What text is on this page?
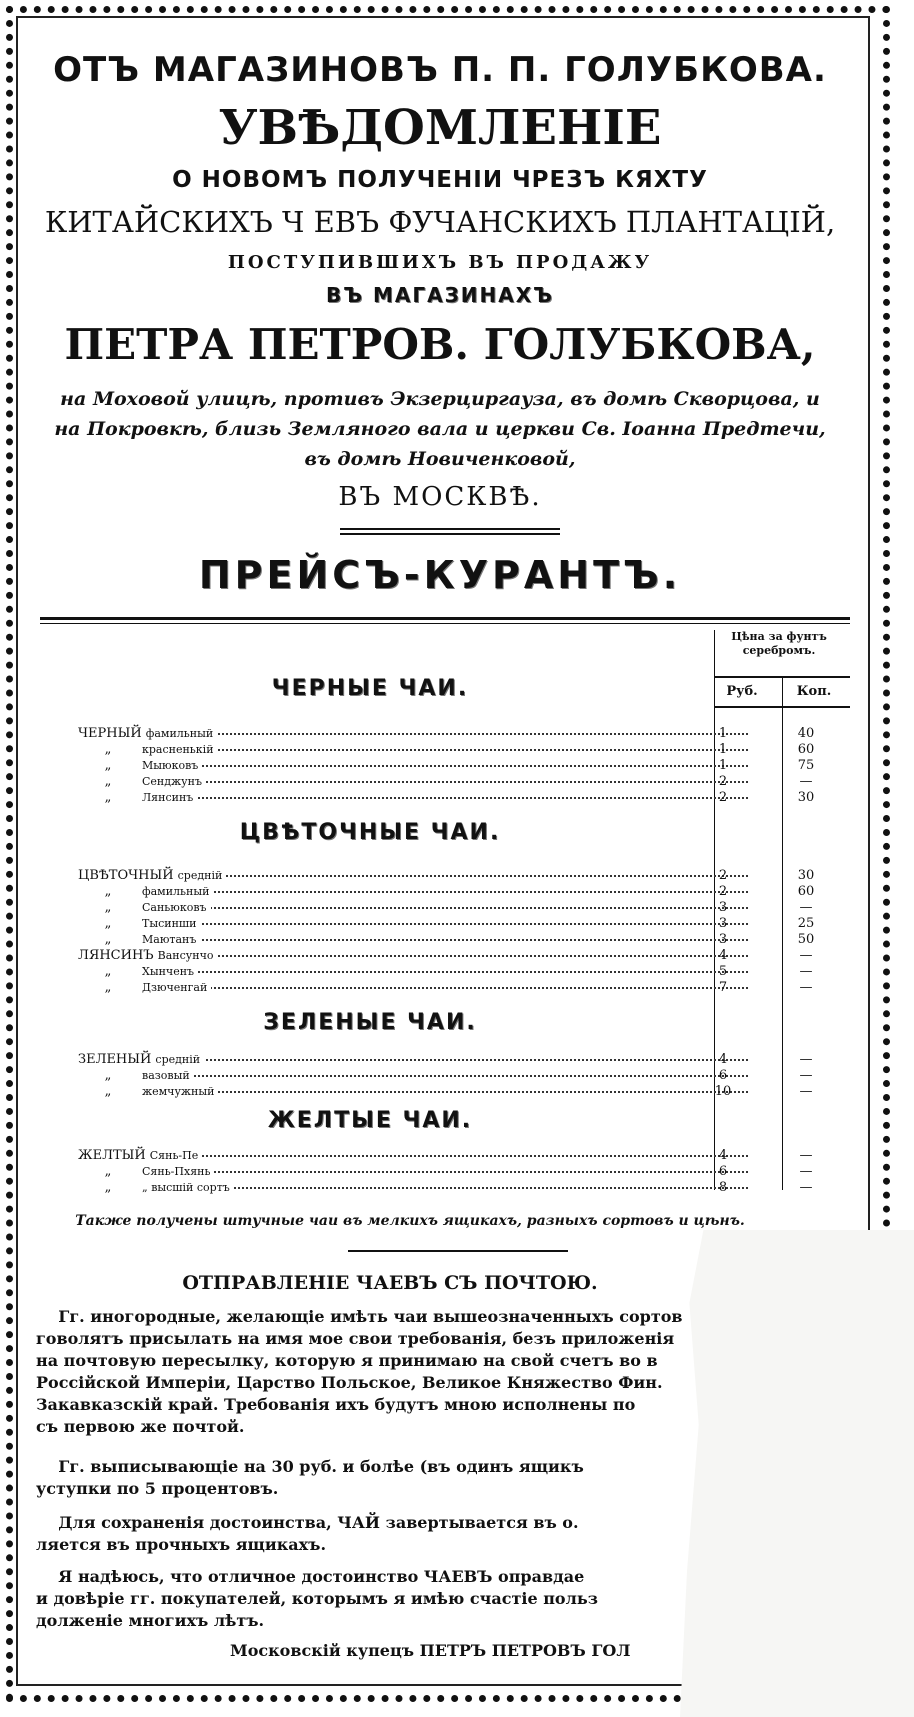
ОТЪ МАГАЗИНОВЪ П. П. ГОЛУБКОВА.

УВѢДОМЛЕНІЕ

О НОВОМЪ ПОЛУЧЕНІИ ЧРЕЗЪ КЯХТУ

КИТАЙСКИХЪ Ч ЕВЪ ФУЧАНСКИХЪ ПЛАНТАЦІЙ,

ПОСТУПИВШИХЪ ВЪ ПРОДАЖУ

ВЪ МАГАЗИНАХЪ

ПЕТРА ПЕТРОВ. ГОЛУБКОВА,

на Моховой улицѣ, противъ Экзерциргауза, въ домѣ Скворцова, и

на Покровкѣ, близь Земляного вала и церкви Св. Іоанна Предтечи,

въ домѣ Новиченковой,

ВЪ МОСКВѢ.

ПРЕЙСЪ-КУРАНТЪ.

Цѣна за фунтъ серебромъ.
Руб.	Коп.

ЧЕРНЫЕ ЧАИ.

ЧЕРНЫЙ фамильный	1	40
„	красненькій	1	60
„	Мыюковъ	1	75
„	Сенджунъ	2	—
„	Лянсинъ	2	30

ЦВѢТОЧНЫЕ ЧАИ.

ЦВѢТОЧНЫЙ средній	2	30
„	фамильный	2	60
„	Саньюковъ	3	—
„	Тысинши	3	25
„	Маютанъ	3	50
ЛЯНСИНЪ Вансунчо	4	—
„	Хынченъ	5	—
„	Дзюченгай	7	—

ЗЕЛЕНЫЕ ЧАИ.

ЗЕЛЕНЫЙ средній	4	—
„	вазовый	6	—
„	жемчужный	10	—

ЖЕЛТЫЕ ЧАИ.

ЖЕЛТЫЙ Сянь-Пе	4	—
„	Сянь-Пхянь	6	—
„	„ высшій сортъ	8	—

Также получены штучные чаи въ мелкихъ ящикахъ, разныхъ сортовъ и цѣнъ.

ОТПРАВЛЕНІЕ ЧАЕВЪ СЪ ПОЧТОЮ.

Гг. иногородные, желающіе имѣть чаи вышеозначенныхъ сортов
говолятъ присылать на имя мое свои требованія, безъ приложенія
на почтовую пересылку, которую я принимаю на свой счетъ во в
Россійской Имперіи, Царство Польское, Великое Княжество Фин.
Закавказскій край. Требованія ихъ будутъ мною исполнены по
съ первою же почтой.

Гг. выписывающіе на 30 руб. и болѣе (въ одинъ ящикъ
уступки по 5 процентовъ.

Для сохраненія достоинства, ЧАЙ завертывается въ о.
ляется въ прочныхъ ящикахъ.

Я надѣюсь, что отличное достоинство ЧАЕВЪ оправдае
и довѣріе гг. покупателей, которымъ я имѣю счастіе польз
долженіе многихъ лѣтъ.

Московскій купецъ ПЕТРЪ ПЕТРОВЪ ГОЛ
